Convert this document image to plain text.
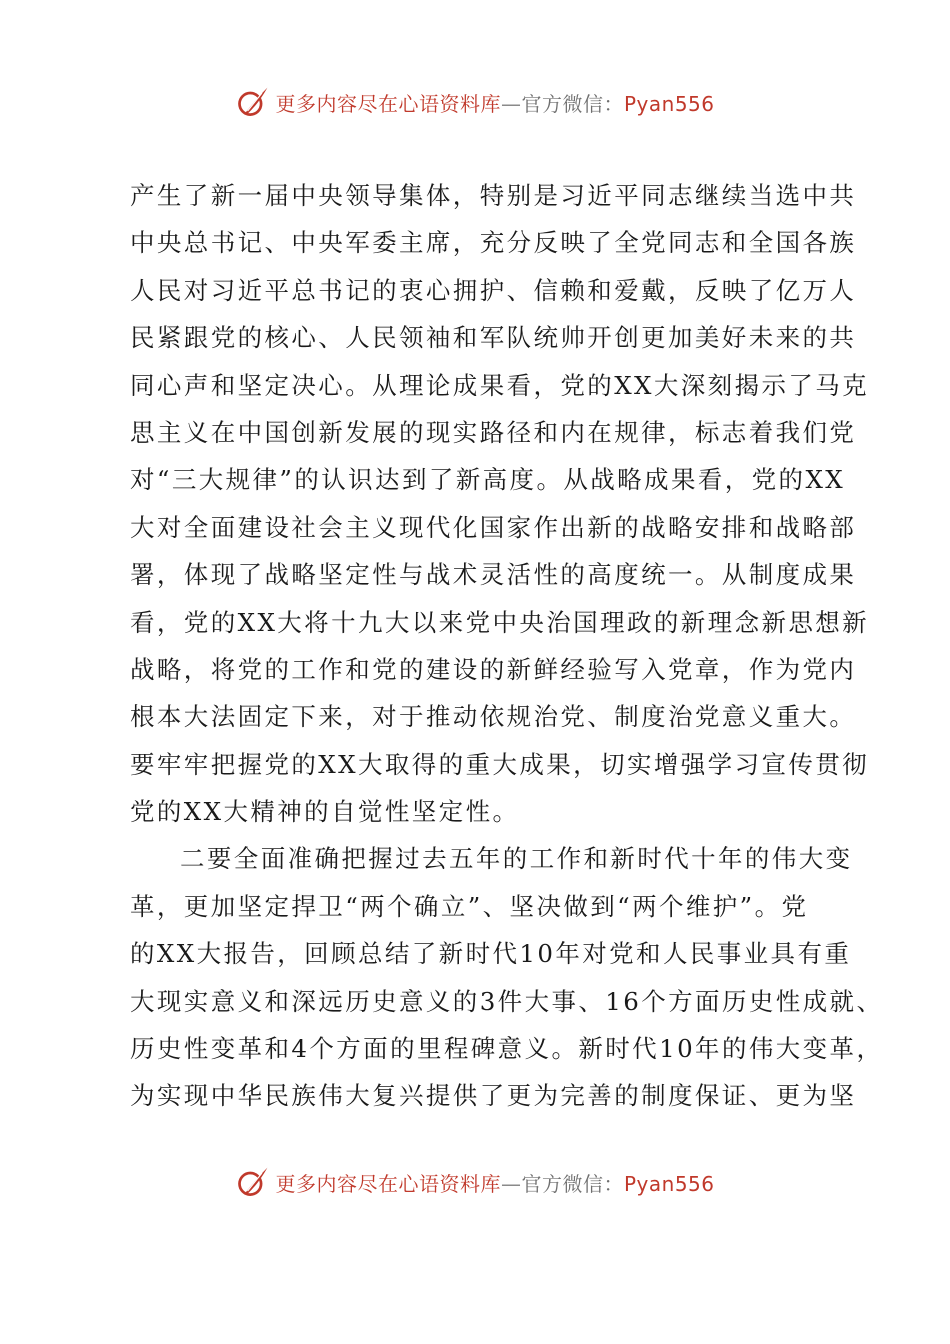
更多内容尽在心语资料库—官方微信：Pyan556
产生了新一届中央领导集体，特别是习近平同志继续当选中共
中央总书记、中央军委主席，充分反映了全党同志和全国各族
人民对习近平总书记的衷心拥护、信赖和爱戴，反映了亿万人
民紧跟党的核心、人民领袖和军队统帅开创更加美好未来的共
同心声和坚定决心。从理论成果看，党的XX大深刻揭示了马克
思主义在中国创新发展的现实路径和内在规律，标志着我们党
对“三大规律”的认识达到了新高度。从战略成果看，党的XX
大对全面建设社会主义现代化国家作出新的战略安排和战略部
署，体现了战略坚定性与战术灵活性的高度统一。从制度成果
看，党的XX大将十九大以来党中央治国理政的新理念新思想新
战略，将党的工作和党的建设的新鲜经验写入党章，作为党内
根本大法固定下来，对于推动依规治党、制度治党意义重大。
要牢牢把握党的XX大取得的重大成果，切实增强学习宣传贯彻
党的XX大精神的自觉性坚定性。
二要全面准确把握过去五年的工作和新时代十年的伟大变
革，更加坚定捍卫“两个确立”、坚决做到“两个维护”。党
的XX大报告，回顾总结了新时代10年对党和人民事业具有重
大现实意义和深远历史意义的3件大事、16个方面历史性成就、
历史性变革和4个方面的里程碑意义。新时代10年的伟大变革，
为实现中华民族伟大复兴提供了更为完善的制度保证、更为坚
更多内容尽在心语资料库—官方微信：Pyan556
